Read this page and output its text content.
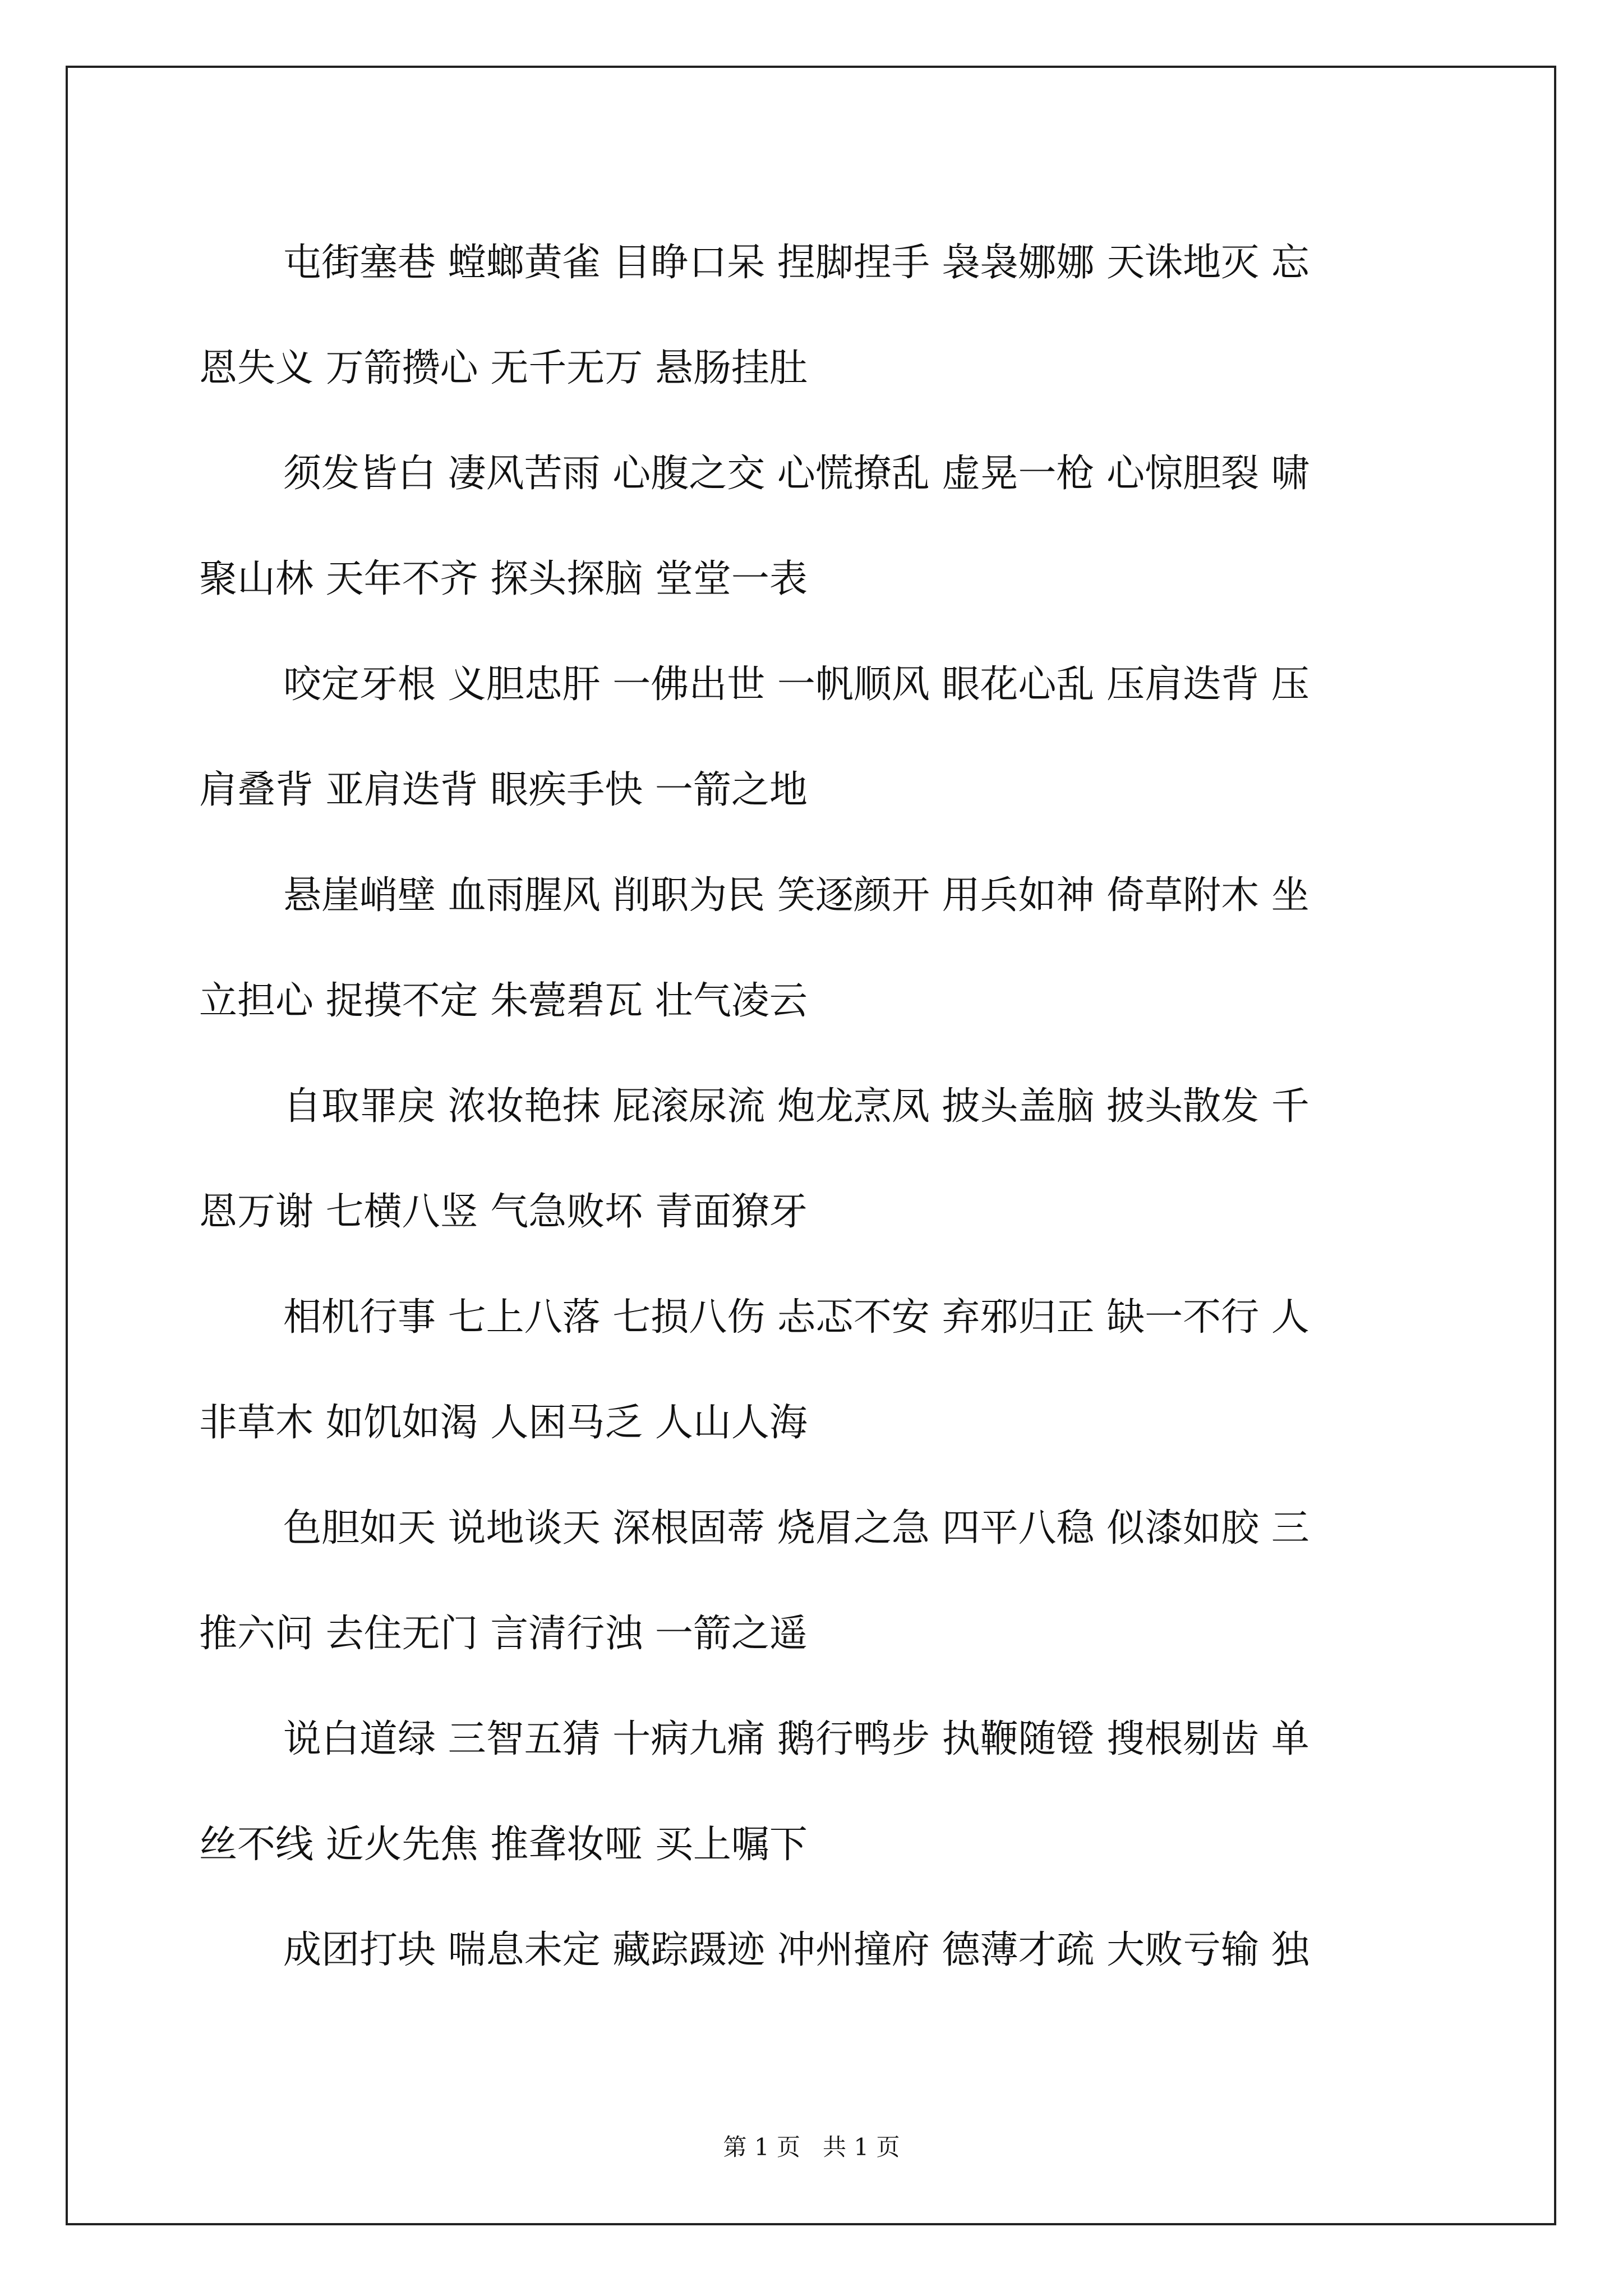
屯街塞巷 螳螂黄雀 目睁口呆 捏脚捏手 袅袅娜娜 天诛地灭 忘
恩失义 万箭攒心 无千无万 悬肠挂肚

须发皆白 凄风苦雨 心腹之交 心慌撩乱 虚晃一枪 心惊胆裂 啸
聚山林 天年不齐 探头探脑 堂堂一表

咬定牙根 义胆忠肝 一佛出世 一帆顺风 眼花心乱 压肩迭背 压
肩叠背 亚肩迭背 眼疾手快 一箭之地

悬崖峭壁 血雨腥风 削职为民 笑逐颜开 用兵如神 倚草附木 坐
立担心 捉摸不定 朱甍碧瓦 壮气凌云

自取罪戾 浓妆艳抹 屁滚尿流 炮龙烹凤 披头盖脑 披头散发 千
恩万谢 七横八竖 气急败坏 青面獠牙

相机行事 七上八落 七损八伤 忐忑不安 弃邪归正 缺一不行 人
非草木 如饥如渴 人困马乏 人山人海

色胆如天 说地谈天 深根固蒂 烧眉之急 四平八稳 似漆如胶 三
推六问 去住无门 言清行浊 一箭之遥

说白道绿 三智五猜 十病九痛 鹅行鸭步 执鞭随镫 搜根剔齿 单
丝不线 近火先焦 推聋妆哑 买上嘱下

成团打块 喘息未定 藏踪蹑迹 冲州撞府 德薄才疏 大败亏输 独

第 1 页   共 1 页
